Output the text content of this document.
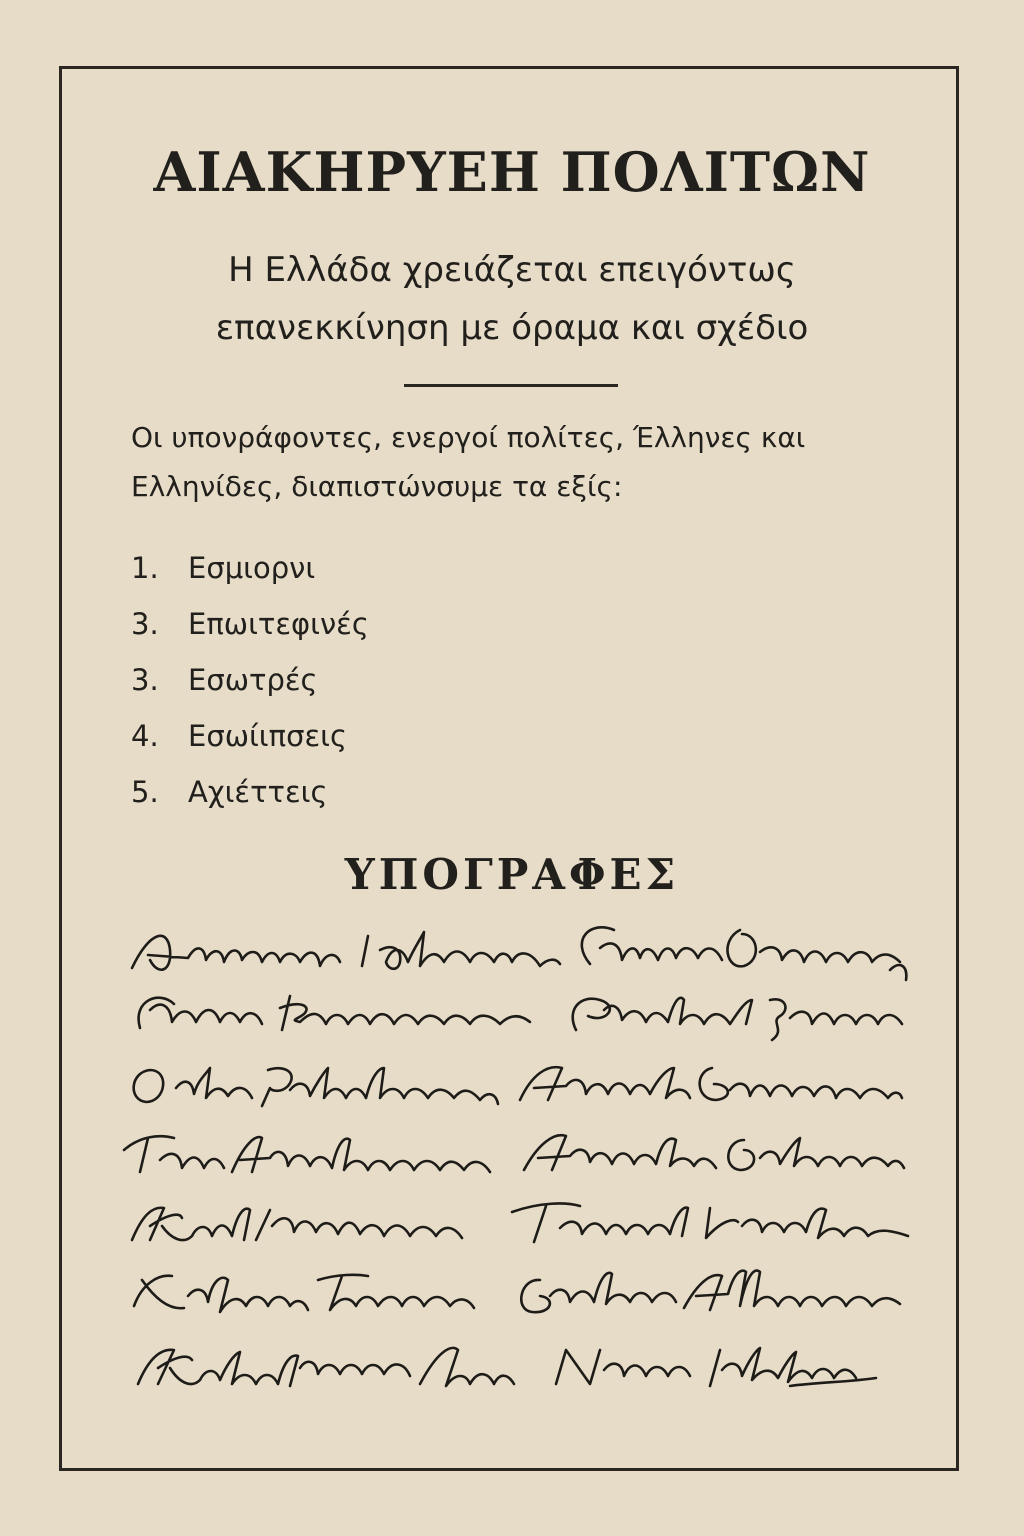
ΑΙΑΚΗΡΥΕΗ ΠΟΛΙΤΩΝ

Η Ελλάδα χρειάζεται επειγόντως

επανεκκίνηση με όραμα και σχέδιο

Οι υπονράφοντες, ενεργοί πολίτες, Έλληνες και

Ελληνίδες, διαπιστώνσυμε τα εξίς:

1.	Εσμιορνι
3.	Επωιτεφινές
3.	Εσωτρές
4.	Εσωίιπσεις
5.	Αχιέττεις
ΥΠΟΓΡΑΦΕΣ
